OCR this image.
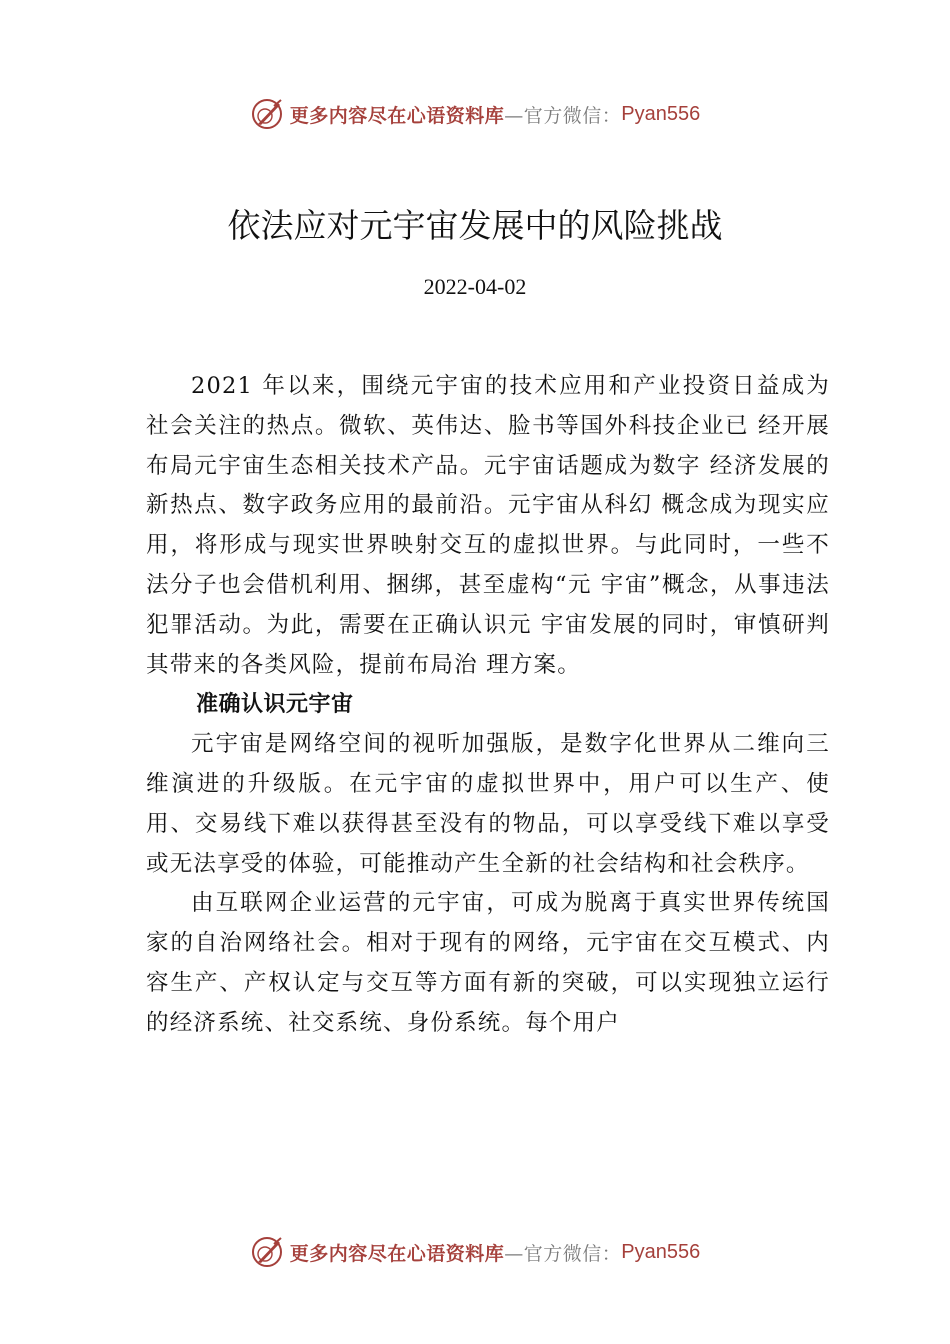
更多内容尽在心语资料库 —官方微信： Pyan556
依法应对元宇宙发展中的风险挑战
2022-04-02

2021 年以来，围绕元宇宙的技术应用和产业投资日益成为社会关注的热点。微软、英伟达、脸书等国外科技企业已 经开展布局元宇宙生态相关技术产品。元宇宙话题成为数字 经济发展的新热点、数字政务应用的最前沿。元宇宙从科幻 概念成为现实应用，将形成与现实世界映射交互的虚拟世界。与此同时，一些不法分子也会借机利用、捆绑，甚至虚构“元 宇宙”概念，从事违法犯罪活动。为此，需要在正确认识元 宇宙发展的同时，审慎研判其带来的各类风险，提前布局治 理方案。

准确认识元宇宙

元宇宙是网络空间的视听加强版，是数字化世界从二维向三维演进的升级版。在元宇宙的虚拟世界中，用户可以生产、使用、交易线下难以获得甚至没有的物品，可以享受线下难以享受或无法享受的体验，可能推动产生全新的社会结构和社会秩序。

由互联网企业运营的元宇宙，可成为脱离于真实世界传统国家的自治网络社会。相对于现有的网络，元宇宙在交互模式、内容生产、产权认定与交互等方面有新的突破，可以实现独立运行的经济系统、社交系统、身份系统。每个用户

更多内容尽在心语资料库 —官方微信： Pyan556
